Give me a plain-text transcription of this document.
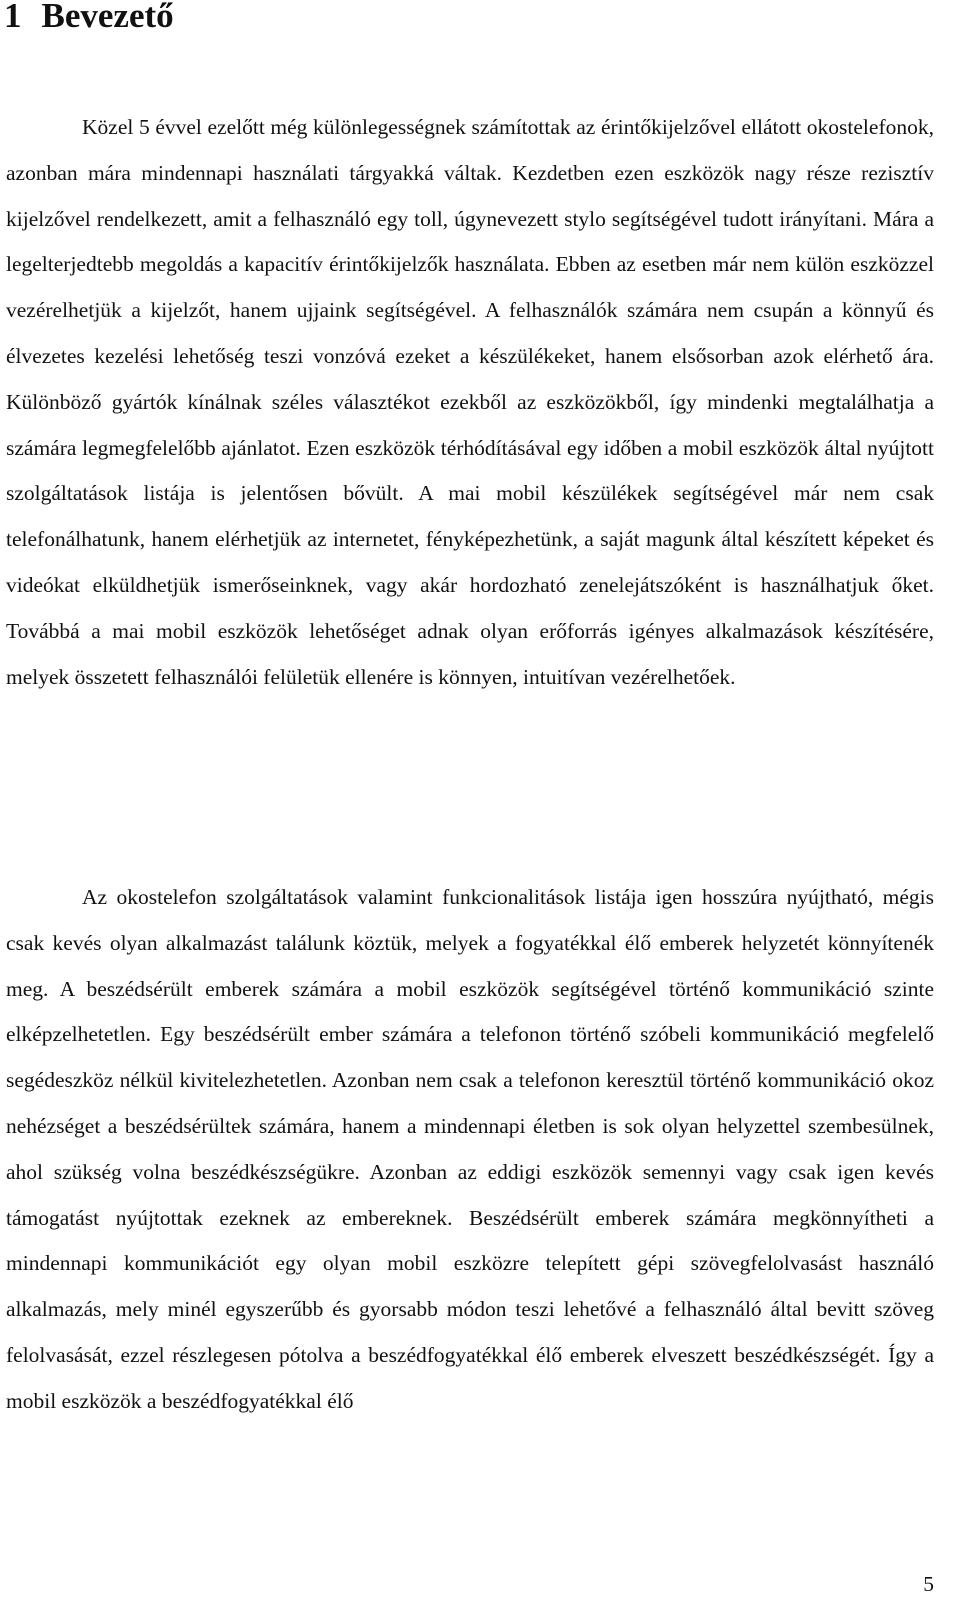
1 Bevezető

Közel 5 évvel ezelőtt még különlegességnek számítottak az érintőkijelzővel ellátott okostelefonok, azonban mára mindennapi használati tárgyakká váltak. Kezdetben ezen eszközök nagy része rezisztív kijelzővel rendelkezett, amit a felhasználó egy toll, úgynevezett stylo segítségével tudott irányítani. Mára a legelterjedtebb megoldás a kapacitív érintőkijelzők használata. Ebben az esetben már nem külön eszközzel vezérelhetjük a kijelzőt, hanem ujjaink segítségével. A felhasználók számára nem csupán a könnyű és élvezetes kezelési lehetőség teszi vonzóvá ezeket a készülékeket, hanem elsősorban azok elérhető ára. Különböző gyártók kínálnak széles választékot ezekből az eszközökből, így mindenki megtalálhatja a számára legmegfelelőbb ajánlatot. Ezen eszközök térhódításával egy időben a mobil eszközök által nyújtott szolgáltatások listája is jelentősen bővült. A mai mobil készülékek segítségével már nem csak telefonálhatunk, hanem elérhetjük az internetet, fényképezhetünk, a saját magunk által készített képeket és videókat elküldhetjük ismerőseinknek, vagy akár hordozható zenelejátszóként is használhatjuk őket. Továbbá a mai mobil eszközök lehetőséget adnak olyan erőforrás igényes alkalmazások készítésére, melyek összetett felhasználói felületük ellenére is könnyen, intuitívan vezérelhetőek.

Az okostelefon szolgáltatások valamint funkcionalitások listája igen hosszúra nyújtható, mégis csak kevés olyan alkalmazást találunk köztük, melyek a fogyatékkal élő emberek helyzetét könnyítenék meg. A beszédsérült emberek számára a mobil eszközök segítségével történő kommunikáció szinte elképzelhetetlen. Egy beszédsérült ember számára a telefonon történő szóbeli kommunikáció megfelelő segédeszköz nélkül kivitelezhetetlen. Azonban nem csak a telefonon keresztül történő kommunikáció okoz nehézséget a beszédsérültek számára, hanem a mindennapi életben is sok olyan helyzettel szembesülnek, ahol szükség volna beszédkészségükre. Azonban az eddigi eszközök semennyi vagy csak igen kevés támogatást nyújtottak ezeknek az embereknek. Beszédsérült emberek számára megkönnyítheti a mindennapi kommunikációt egy olyan mobil eszközre telepített gépi szövegfelolvasást használó alkalmazás, mely minél egyszerűbb és gyorsabb módon teszi lehetővé a felhasználó által bevitt szöveg felolvasását, ezzel részlegesen pótolva a beszédfogyatékkal élő emberek elveszett beszédkészségét. Így a mobil eszközök a beszédfogyatékkal élő

5
